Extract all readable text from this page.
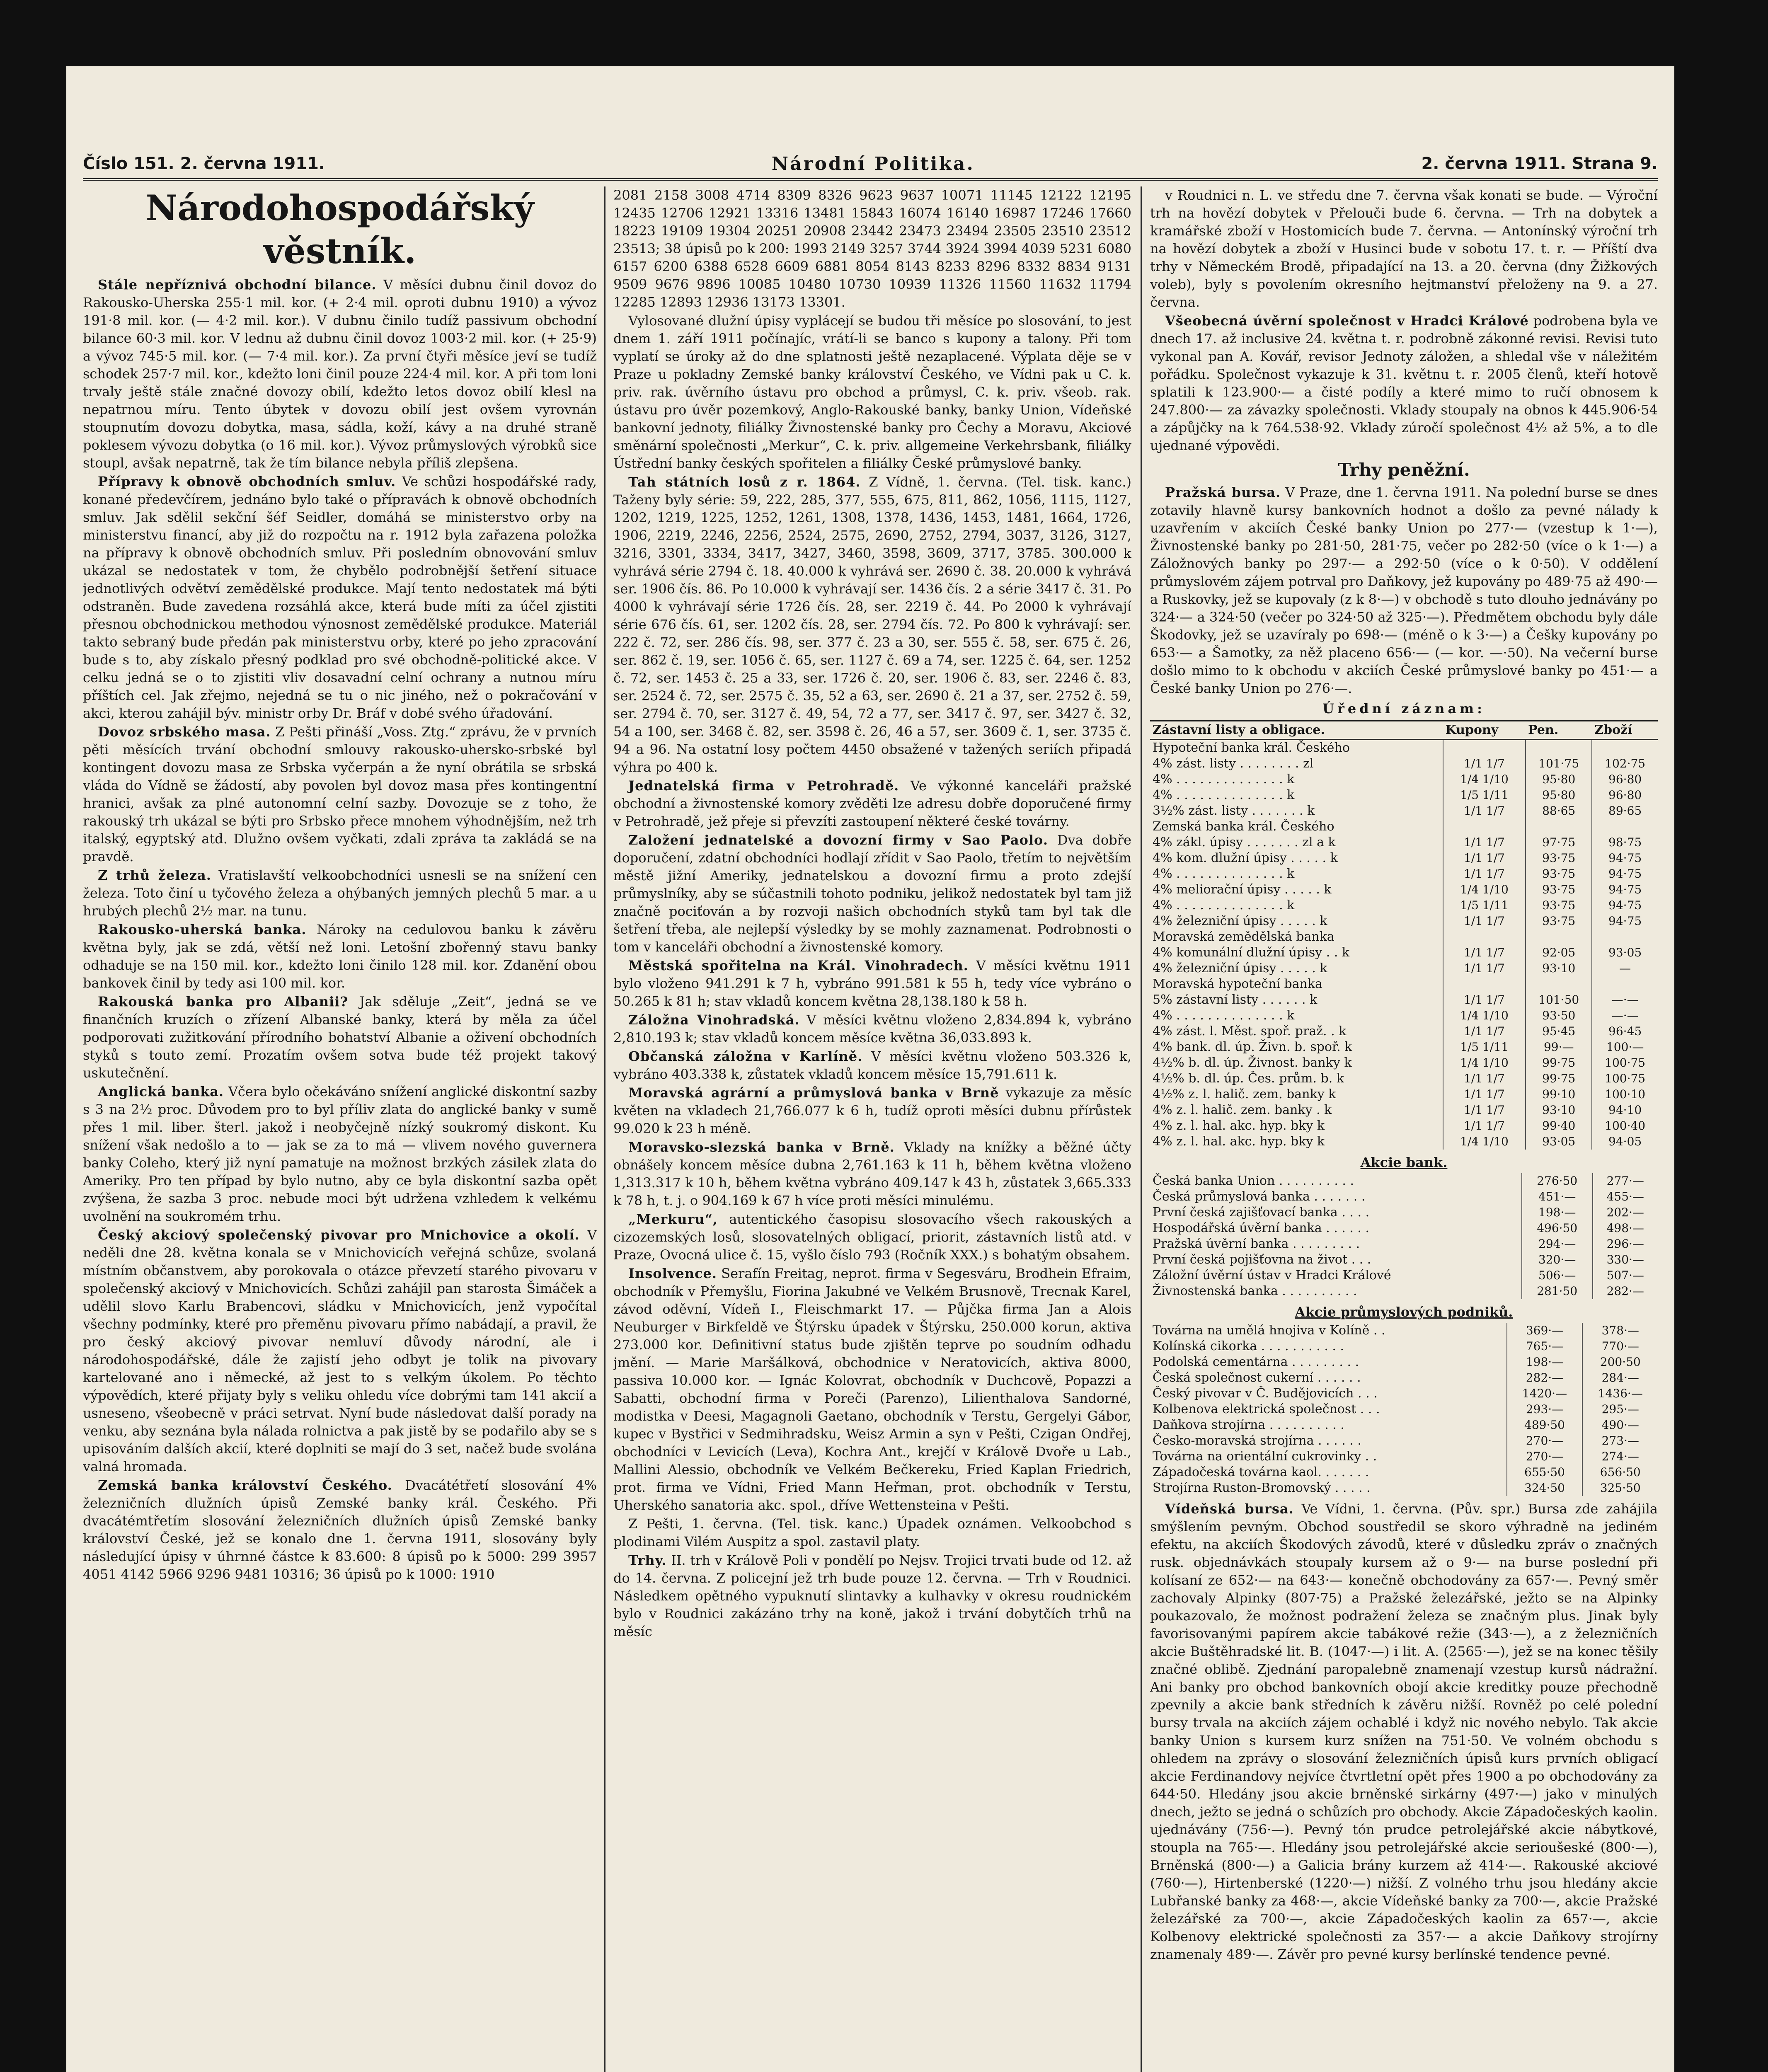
Číslo 151. 2. června 1911.	Národní Politika.	2. června 1911. Strana 9.
Národohospodářský věstník.

Stále nepříznivá obchodní bilance. V měsíci dubnu činil dovoz do Rakousko-Uherska 255·1 mil. kor. (+ 2·4 mil. oproti dubnu 1910) a vývoz 191·8 mil. kor. (— 4·2 mil. kor.). V dubnu činilo tudíž passivum obchodní bilance 60·3 mil. kor. V lednu až dubnu činil dovoz 1003·2 mil. kor. (+ 25·9) a vývoz 745·5 mil. kor. (— 7·4 mil. kor.). Za první čtyři měsíce jeví se tudíž schodek 257·7 mil. kor., kdežto loni činil pouze 224·4 mil. kor. A při tom loni trvaly ještě stále značné dovozy obilí, kdežto letos dovoz obilí klesl na nepatrnou míru. Tento úbytek v dovozu obilí jest ovšem vyrovnán stoupnutím dovozu dobytka, masa, sádla, koží, kávy a na druhé straně poklesem vývozu dobytka (o 16 mil. kor.). Vývoz průmyslových výrobků sice stoupl, avšak nepatrně, tak že tím bilance nebyla příliš zlepšena.

Přípravy k obnově obchodních smluv. Ve schůzi hospodářské rady, konané předevčírem, jednáno bylo také o přípravách k obnově obchodních smluv. Jak sdělil sekční šéf Seidler, domáhá se ministerstvo orby na ministerstvu financí, aby již do rozpočtu na r. 1912 byla zařazena položka na přípravy k obnově obchodních smluv. Při posledním obnovování smluv ukázal se nedostatek v tom, že chybělo podrobnější šetření situace jednotlivých odvětví zemědělské produkce. Mají tento nedostatek má býti odstraněn. Bude zavedena rozsáhlá akce, která bude míti za účel zjistiti přesnou obchodnickou methodou výnosnost zemědělské produkce. Materiál takto sebraný bude předán pak ministerstvu orby, které po jeho zpracování bude s to, aby získalo přesný podklad pro své obchodně-politické akce. V celku jedná se o to zjistiti vliv dosavadní celní ochrany a nutnou míru příštích cel. Jak zřejmo, nejedná se tu o nic jiného, než o pokračování v akci, kterou zahájil býv. ministr orby Dr. Bráf v dobé svého úřadování.

Dovoz srbského masa. Z Pešti přináší „Voss. Ztg.“ zprávu, že v prvních pěti měsících trvání obchodní smlouvy rakousko-uhersko-srbské byl kontingent dovozu masa ze Srbska vyčerpán a že nyní obrátila se srbská vláda do Vídně se žádostí, aby povolen byl dovoz masa přes kontingentní hranici, avšak za plné autonomní celní sazby. Dovozuje se z toho, že rakouský trh ukázal se býti pro Srbsko přece mnohem výhodnějším, než trh italský, egyptský atd. Dlužno ovšem vyčkati, zdali zpráva ta zakládá se na pravdě.

Z trhů železa. Vratislavští velkoobchodníci usnesli se na snížení cen železa. Toto činí u tyčového železa a ohýbaných jemných plechů 5 mar. a u hrubých plechů 2½ mar. na tunu.

Rakousko-uherská banka. Nároky na cedulovou banku k závěru května byly, jak se zdá, větší než loni. Letošní zbořenný stavu banky odhaduje se na 150 mil. kor., kdežto loni činilo 128 mil. kor. Zdanění obou bankovek činil by tedy asi 100 mil. kor.

Rakouská banka pro Albanii? Jak sděluje „Zeit“, jedná se ve finančních kruzích o zřízení Albanské banky, která by měla za účel podporovati zužitkování přírodního bohatství Albanie a oživení obchodních styků s touto zemí. Prozatím ovšem sotva bude též projekt takový uskutečnění.

Anglická banka. Včera bylo očekáváno snížení anglické diskontní sazby s 3 na 2½ proc. Důvodem pro to byl příliv zlata do anglické banky v sumě přes 1 mil. liber. šterl. jakož i neobyčejně nízký soukromý diskont. Ku snížení však nedošlo a to — jak se za to má — vlivem nového guvernera banky Coleho, který již nyní pamatuje na možnost brzkých zásilek zlata do Ameriky. Pro ten případ by bylo nutno, aby ce byla diskontní sazba opět zvýšena, že sazba 3 proc. nebude moci být udržena vzhledem k velkému uvolnění na soukromém trhu.

Český akciový společenský pivovar pro Mnichovice a okolí. V neděli dne 28. května konala se v Mnichovicích veřejná schůze, svolaná místním občanstvem, aby porokovala o otázce převzetí starého pivovaru v společenský akciový v Mnichovicích. Schůzi zahájil pan starosta Šimáček a udělil slovo Karlu Brabencovi, sládku v Mnichovicích, jenž vypočítal všechny podmínky, které pro přeměnu pivovaru přímo nabádají, a pravil, že pro český akciový pivovar nemluví důvody národní, ale i národohospodářské, dále že zajistí jeho odbyt je tolik na pivovary kartelované ano i německé, až jest to s velkým úkolem. Po těchto výpovědích, které přijaty byly s veliku ohledu více dobrými tam 141 akcií a usneseno, všeobecně v práci setrvat. Nyní bude následovat další porady na venku, aby seznána byla nálada rolnictva a pak jistě by se podařilo aby se s upisováním dalších akcií, které doplniti se mají do 3 set, načež bude svolána valná hromada.

Zemská banka království Českého. Dvacátétřetí slosování 4% železničních dlužních úpisů Zemské banky král. Českého. Při dvacátémtřetím slosování železničních dlužních úpisů Zemské banky království České, jež se konalo dne 1. června 1911, slosovány byly následující úpisy v úhrnné částce k 83.600: 8 úpisů po k 5000: 299 3957 4051 4142 5966 9296 9481 10316; 36 úpisů po k 1000: 1910

2081 2158 3008 4714 8309 8326 9623 9637 10071 11145 12122 12195 12435 12706 12921 13316 13481 15843 16074 16140 16987 17246 17660 18223 19109 19304 20251 20908 23442 23473 23494 23505 23510 23512 23513; 38 úpisů po k 200: 1993 2149 3257 3744 3924 3994 4039 5231 6080 6157 6200 6388 6528 6609 6881 8054 8143 8233 8296 8332 8834 9131 9509 9676 9896 10085 10480 10730 10939 11326 11560 11632 11794 12285 12893 12936 13173 13301.

Vylosované dlužní úpisy vyplácejí se budou tři měsíce po slosování, to jest dnem 1. září 1911 počínajíc, vrátí-li se banco s kupony a talony. Při tom vyplatí se úroky až do dne splatnosti ještě nezaplacené. Výplata děje se v Praze u pokladny Zemské banky království Českého, ve Vídni pak u C. k. priv. rak. úvěrního ústavu pro obchod a průmysl, C. k. priv. všeob. rak. ústavu pro úvěr pozemkový, Anglo-Rakouské banky, banky Union, Vídeňské bankovní jednoty, filiálky Živnostenské banky pro Čechy a Moravu, Akciové směnární společnosti „Merkur“, C. k. priv. allgemeine Verkehrsbank, filiálky Ústřední banky českých spořitelen a filiálky České průmyslové banky.

Tah státních losů z r. 1864. Z Vídně, 1. června. (Tel. tisk. kanc.) Taženy byly série: 59, 222, 285, 377, 555, 675, 811, 862, 1056, 1115, 1127, 1202, 1219, 1225, 1252, 1261, 1308, 1378, 1436, 1453, 1481, 1664, 1726, 1906, 2219, 2246, 2256, 2524, 2575, 2690, 2752, 2794, 3037, 3126, 3127, 3216, 3301, 3334, 3417, 3427, 3460, 3598, 3609, 3717, 3785. 300.000 k vyhrává série 2794 č. 18. 40.000 k vyhrává ser. 2690 č. 38. 20.000 k vyhrává ser. 1906 čís. 86. Po 10.000 k vyhrávají ser. 1436 čís. 2 a série 3417 č. 31. Po 4000 k vyhrávají série 1726 čís. 28, ser. 2219 č. 44. Po 2000 k vyhrávají série 676 čís. 61, ser. 1202 čís. 28, ser. 2794 čís. 72. Po 800 k vyhrávají: ser. 222 č. 72, ser. 286 čís. 98, ser. 377 č. 23 a 30, ser. 555 č. 58, ser. 675 č. 26, ser. 862 č. 19, ser. 1056 č. 65, ser. 1127 č. 69 a 74, ser. 1225 č. 64, ser. 1252 č. 72, ser. 1453 č. 25 a 33, ser. 1726 č. 20, ser. 1906 č. 83, ser. 2246 č. 83, ser. 2524 č. 72, ser. 2575 č. 35, 52 a 63, ser. 2690 č. 21 a 37, ser. 2752 č. 59, ser. 2794 č. 70, ser. 3127 č. 49, 54, 72 a 77, ser. 3417 č. 97, ser. 3427 č. 32, 54 a 100, ser. 3468 č. 82, ser. 3598 č. 26, 46 a 57, ser. 3609 č. 1, ser. 3735 č. 94 a 96. Na ostatní losy počtem 4450 obsažené v tažených seriích připadá výhra po 400 k.

Jednatelská firma v Petrohradě. Ve výkonné kanceláři pražské obchodní a živnostenské komory zvěděti lze adresu dobře doporučené firmy v Petrohradě, jež přeje si převzíti zastoupení některé české továrny.

Založení jednatelské a dovozní firmy v Sao Paolo. Dva dobře doporučení, zdatní obchodníci hodlají zřídit v Sao Paolo, třetím to největším městě jižní Ameriky, jednatelskou a dovozní firmu a proto zdejší průmyslníky, aby se súčastnili tohoto podniku, jelikož nedostatek byl tam již značně pociťován a by rozvoji našich obchodních styků tam byl tak dle šetření třeba, ale nejlepší výsledky by se mohly zaznamenat. Podrobnosti o tom v kanceláři obchodní a živnostenské komory.

Městská spořitelna na Král. Vinohradech. V měsíci květnu 1911 bylo vloženo 941.291 k 7 h, vybráno 991.581 k 55 h, tedy více vybráno o 50.265 k 81 h; stav vkladů koncem května 28,138.180 k 58 h.

Záložna Vinohradská. V měsíci květnu vloženo 2,834.894 k, vybráno 2,810.193 k; stav vkladů koncem měsíce května 36,033.893 k.

Občanská záložna v Karlíně. V měsíci květnu vloženo 503.326 k, vybráno 403.338 k, zůstatek vkladů koncem měsíce 15,791.611 k.

Moravská agrární a průmyslová banka v Brně vykazuje za měsíc květen na vkladech 21,766.077 k 6 h, tudíž oproti měsíci dubnu přírůstek 99.020 k 23 h méně.

Moravsko-slezská banka v Brně. Vklady na knížky a běžné účty obnášely koncem měsíce dubna 2,761.163 k 11 h, během května vloženo 1,313.317 k 10 h, během května vybráno 409.147 k 43 h, zůstatek 3,665.333 k 78 h, t. j. o 904.169 k 67 h více proti měsíci minulému.

„Merkuru“, autentického časopisu slosovacího všech rakouských a cizozemských losů, slosovatelných obligací, priorit, zástavních listů atd. v Praze, Ovocná ulice č. 15, vyšlo číslo 793 (Ročník XXX.) s bohatým obsahem.

Insolvence. Serafín Freitag, neprot. firma v Segesváru, Brodhein Efraim, obchodník v Přemyšlu, Fiorina Jakubné ve Velkém Brusnově, Trecnak Karel, závod oděvní, Vídeň I., Fleischmarkt 17. — Půjčka firma Jan a Alois Neuburger v Birkfeldě ve Štýrsku úpadek v Štýrsku, 250.000 korun, aktiva 273.000 kor. Definitivní status bude zjištěn teprve po soudním odhadu jmění. — Marie Maršálková, obchodnice v Neratovicích, aktiva 8000, passiva 10.000 kor. — Ignác Kolovrat, obchodník v Duchcově, Popazzi a Sabatti, obchodní firma v Poreči (Parenzo), Lilienthalova Sandorné, modistka v Deesi, Magagnoli Gaetano, obchodník v Terstu, Gergelyi Gábor, kupec v Bystřici v Sedmihradsku, Weisz Armin a syn v Pešti, Czigan Ondřej, obchodníci v Levicích (Leva), Kochra Ant., krejčí v Králově Dvoře u Lab., Mallini Alessio, obchodník ve Velkém Bečkereku, Fried Kaplan Friedrich, prot. firma ve Vídni, Fried Mann Heřman, prot. obchodník v Terstu, Uherského sanatoria akc. spol., dříve Wettensteina v Pešti.

Z Pešti, 1. června. (Tel. tisk. kanc.) Úpadek oznámen. Velkoobchod s plodinami Vilém Auspitz a spol. zastavil platy.

Trhy. II. trh v Králově Poli v pondělí po Nejsv. Trojici trvati bude od 12. až do 14. června. Z policejní jež trh bude pouze 12. června. — Trh v Roudnici. Následkem opětného vypuknutí slintavky a kulhavky v okresu roudnickém bylo v Roudnici zakázáno trhy na koně, jakož i trvání dobytčích trhů na měsíc

v Roudnici n. L. ve středu dne 7. června však konati se bude. — Výroční trh na hovězí dobytek v Přelouči bude 6. června. — Trh na dobytek a kramářské zboží v Hostomicích bude 7. června. — Antonínský výroční trh na hovězí dobytek a zboží v Husinci bude v sobotu 17. t. r. — Příští dva trhy v Německém Brodě, připadající na 13. a 20. června (dny Žižkových voleb), byly s povolením okresního hejtmanství přeloženy na 9. a 27. června.

Všeobecná úvěrní společnost v Hradci Králové podrobena byla ve dnech 17. až inclusive 24. května t. r. podrobně zákonné revisi. Revisi tuto vykonal pan A. Kovář, revisor Jednoty záložen, a shledal vše v náležitém pořádku. Společnost vykazuje k 31. květnu t. r. 2005 členů, kteří hotově splatili k 123.900·— a čisté podíly a které mimo to ručí obnosem k 247.800·— za závazky společnosti. Vklady stoupaly na obnos k 445.906·54 a zápůjčky na k 764.538·92. Vklady zúročí společnost 4½ až 5%, a to dle ujednané výpovědi.

Trhy peněžní.

Pražská bursa. V Praze, dne 1. června 1911. Na polední burse se dnes zotavily hlavně kursy bankovních hodnot a došlo za pevné nálady k uzavřením v akciích České banky Union po 277·— (vzestup k 1·—), Živnostenské banky po 281·50, 281·75, večer po 282·50 (více o k 1·—) a Záložnových banky po 297·— a 292·50 (více o k 0·50). V oddělení průmyslovém zájem potrval pro Daňkovy, jež kupovány po 489·75 až 490·— a Ruskovky, jež se kupovaly (z k 8·—) v obchodě s tuto dlouho jednávány po 324·— a 324·50 (večer po 324·50 až 325·—). Předmětem obchodu byly dále Škodovky, jež se uzavíraly po 698·— (méně o k 3·—) a Češky kupovány po 653·— a Šamotky, za něž placeno 656·— (— kor. —·50). Na večerní burse došlo mimo to k obchodu v akciích České průmyslové banky po 451·— a České banky Union po 276·—.

Úřední záznam:
Zástavní listy a obligace.	Kupony	Pen.	Zboží
Hypoteční banka král. Českého			
4% zást. listy . . . . . . . . zl	1/1 1/7	101·75	102·75
4% . . . . . . . . . . . . . . k	1/4 1/10	95·80	96·80
4% . . . . . . . . . . . . . . k	1/5 1/11	95·80	96·80
3½% zást. listy . . . . . . . k	1/1 1/7	88·65	89·65
Zemská banka král. Českého			
4% zákl. úpisy . . . . . . . zl a k	1/1 1/7	97·75	98·75
4% kom. dlužní úpisy . . . . . k	1/1 1/7	93·75	94·75
4% . . . . . . . . . . . . . . k	1/1 1/7	93·75	94·75
4% meliorační úpisy . . . . . k	1/4 1/10	93·75	94·75
4% . . . . . . . . . . . . . . k	1/5 1/11	93·75	94·75
4% železniční úpisy . . . . . k	1/1 1/7	93·75	94·75
Moravská zemědělská banka			
4% komunální dlužní úpisy . . k	1/1 1/7	92·05	93·05
4% železniční úpisy . . . . . k	1/1 1/7	93·10	—
Moravská hypoteční banka			
5% zástavní listy . . . . . . k	1/1 1/7	101·50	—·—
4% . . . . . . . . . . . . . . k	1/4 1/10	93·50	—·—
4% zást. l. Měst. spoř. praž. . k	1/1 1/7	95·45	96·45
4% bank. dl. úp. Živn. b. spoř. k	1/5 1/11	99·—	100·—
4½% b. dl. úp. Živnost. banky k	1/4 1/10	99·75	100·75
4½% b. dl. úp. Čes. prům. b. k	1/1 1/7	99·75	100·75
4½% z. l. halič. zem. banky k	1/1 1/7	99·10	100·10
4% z. l. halič. zem. banky . k	1/1 1/7	93·10	94·10
4% z. l. hal. akc. hyp. bky k	1/1 1/7	99·40	100·40
4% z. l. hal. akc. hyp. bky k	1/4 1/10	93·05	94·05
Akcie bank.
Česká banka Union . . . . . . . . . .	276·50	277·—
Česká průmyslová banka . . . . . . .	451·—	455·—
První česká zajišťovací banka . . . .	198·—	202·—
Hospodářská úvěrní banka . . . . . .	496·50	498·—
Pražská úvěrní banka . . . . . . . . .	294·—	296·—
První česká pojišťovna na život . . .	320·—	330·—
Záložní úvěrní ústav v Hradci Králové	506·—	507·—
Živnostenská banka . . . . . . . . . .	281·50	282·—
Akcie průmyslových podniků.
Továrna na umělá hnojiva v Kolíně . .	369·—	378·—
Kolínská cikorka . . . . . . . . . . .	765·—	770·—
Podolská cementárna . . . . . . . . .	198·—	200·50
Česká společnost cukerní . . . . . .	282·—	284·—
Český pivovar v Č. Budějovicích . . .	1420·—	1436·—
Kolbenova elektrická společnost . . .	293·—	295·—
Daňkova strojírna . . . . . . . . . .	489·50	490·—
Česko-moravská strojírna . . . . . .	270·—	273·—
Továrna na orientální cukrovinky . .	270·—	274·—
Západočeská továrna kaol. . . . . . .	655·50	656·50
Strojírna Ruston-Bromovský . . . . .	324·50	325·50

Vídeňská bursa. Ve Vídni, 1. června. (Pův. spr.) Bursa zde zahájila smýšlením pevným. Obchod soustředil se skoro výhradně na jediném efektu, na akciích Škodových závodů, které v důsledku zpráv o značných rusk. objednávkách stoupaly kursem až o 9·— na burse poslední při kolísaní ze 652·— na 643·— konečně obchodovány za 657·—. Pevný směr zachovaly Alpinky (807·75) a Pražské železářské, ježto se na Alpinky poukazovalo, že možnost podražení železa se značným plus. Jinak byly favorisovanými papírem akcie tabákové režie (343·—), a z železničních akcie Buštěhradské lit. B. (1047·—) i lit. A. (2565·—), jež se na konec těšily značné oblibě. Zjednání paropalebně znamenají vzestup kursů nádražní. Ani banky pro obchod bankovních obojí akcie kreditky pouze přechodně zpevnily a akcie bank středních k závěru nižší. Rovněž po celé polední bursy trvala na akciích zájem ochablé i když nic nového nebylo. Tak akcie banky Union s kursem kurz snížen na 751·50. Ve volném obchodu s ohledem na zprávy o slosování železničních úpisů kurs prvních obligací akcie Ferdinandovy nejvíce čtvrtletní opět přes 1900 a po obchodovány za 644·50. Hledány jsou akcie brněnské sirkárny (497·—) jako v minulých dnech, ježto se jedná o schůzích pro obchody. Akcie Západočeských kaolin. ujednávány (756·—). Pevný tón prudce petrolejářské akcie nábytkové, stoupla na 765·—. Hledány jsou petrolejářské akcie serioušeské (800·—), Brněnská (800·—) a Galicia brány kurzem až 414·—. Rakouské akciové (760·—), Hirtenberské (1220·—) nižší. Z volného trhu jsou hledány akcie Lubřanské banky za 468·—, akcie Vídeňské banky za 700·—, akcie Pražské železářské za 700·—, akcie Západočeských kaolin za 657·—, akcie Kolbenovy elektrické společnosti za 357·— a akcie Daňkovy strojírny znamenaly 489·—. Závěr pro pevné kursy berlínské tendence pevné.
